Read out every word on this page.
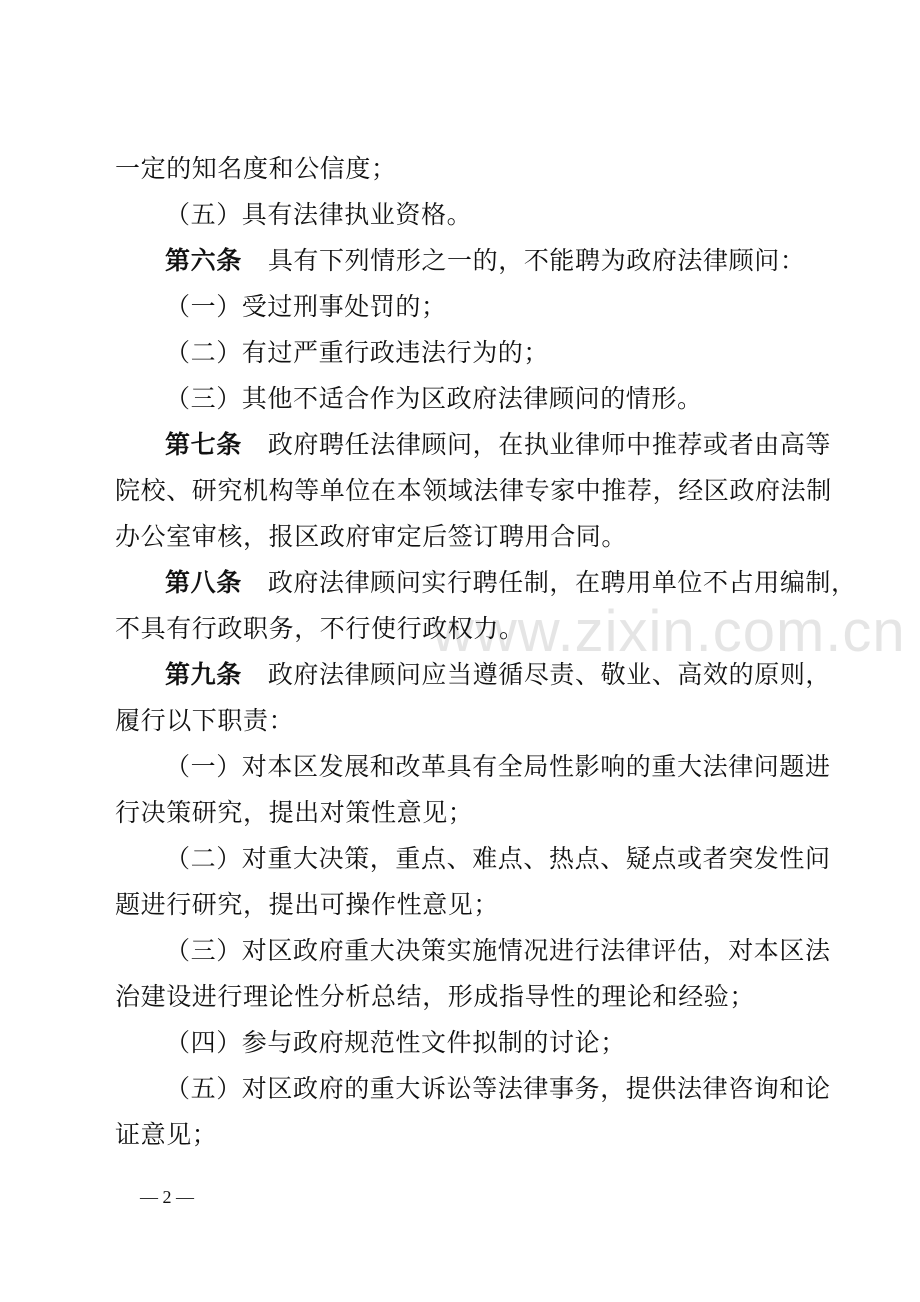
www.zixin.com.cn
一定的知名度和公信度；
（五）具有法律执业资格。
第六条 具有下列情形之一的，不能聘为政府法律顾问：
（一）受过刑事处罚的；
（二）有过严重行政违法行为的；
（三）其他不适合作为区政府法律顾问的情形。
第七条 政府聘任法律顾问，在执业律师中推荐或者由高等
院校、研究机构等单位在本领域法律专家中推荐，经区政府法制
办公室审核，报区政府审定后签订聘用合同。
第八条 政府法律顾问实行聘任制，在聘用单位不占用编制，
不具有行政职务，不行使行政权力。
第九条 政府法律顾问应当遵循尽责、敬业、高效的原则，
履行以下职责：
（一）对本区发展和改革具有全局性影响的重大法律问题进
行决策研究，提出对策性意见；
（二）对重大决策，重点、难点、热点、疑点或者突发性问
题进行研究，提出可操作性意见；
（三）对区政府重大决策实施情况进行法律评估，对本区法
治建设进行理论性分析总结，形成指导性的理论和经验；
（四）参与政府规范性文件拟制的讨论；
（五）对区政府的重大诉讼等法律事务，提供法律咨询和论
证意见；
— 2 —
